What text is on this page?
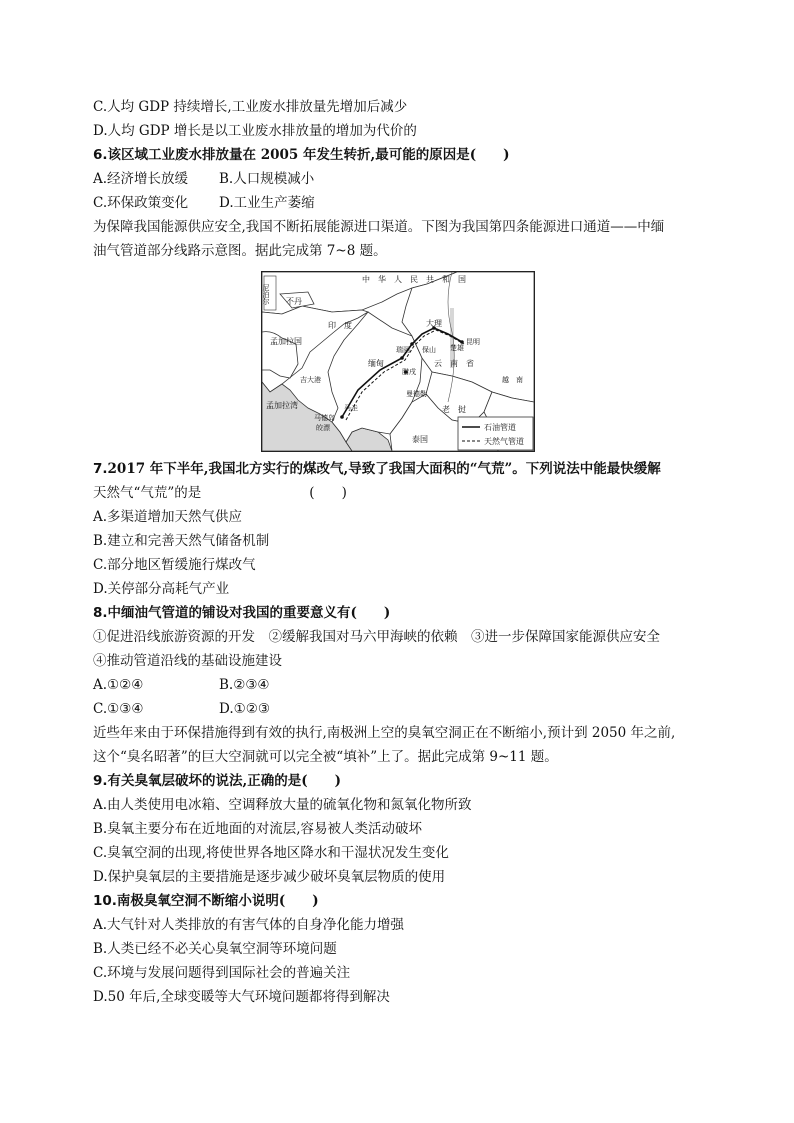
C.人均 GDP 持续增长,工业废水排放量先增加后减少
D.人均 GDP 增长是以工业废水排放量的增加为代价的
6.该区域工业废水排放量在 2005 年发生转折,最可能的原因是(　　)
A.经济增长放缓 B.人口规模减小
C.环保政策变化 D.工业生产萎缩
为保障我国能源供应安全,我国不断拓展能源进口渠道。下图为我国第四条能源进口通道——中缅
油气管道部分线路示意图。据此完成第 7~8 题。
中　华　人　民　共　和　国
尼泊尔 不丹
印　度
孟加拉国
吉大港
孟加拉湾
缅甸
大理
瑞丽 保山 楚雄
昆明
云　南　省
曼德勒
皎漂
马德岛
马圭	老　挝
越　南
泰国
腊戌
石油管道
天然气管道
7.2017 年下半年,我国北方实行的煤改气,导致了我国大面积的“气荒”。下列说法中能最快缓解
天然气“气荒”的是　　　　　　　　(　　)
A.多渠道增加天然气供应
B.建立和完善天然气储备机制
C.部分地区暂缓施行煤改气
D.关停部分高耗气产业
8.中缅油气管道的铺设对我国的重要意义有(　　)
①促进沿线旅游资源的开发　②缓解我国对马六甲海峡的依赖　③进一步保障国家能源供应安全
④推动管道沿线的基础设施建设
A.①②④	B.②③④
C.①③④	D.①②③
近些年来由于环保措施得到有效的执行,南极洲上空的臭氧空洞正在不断缩小,预计到 2050 年之前,
这个“臭名昭著”的巨大空洞就可以完全被“填补”上了。据此完成第 9~11 题。
9.有关臭氧层破坏的说法,正确的是(　　)
A.由人类使用电冰箱、空调释放大量的硫氧化物和氮氧化物所致
B.臭氧主要分布在近地面的对流层,容易被人类活动破坏
C.臭氧空洞的出现,将使世界各地区降水和干湿状况发生变化
D.保护臭氧层的主要措施是逐步减少破坏臭氧层物质的使用
10.南极臭氧空洞不断缩小说明(　　)
A.大气针对人类排放的有害气体的自身净化能力增强
B.人类已经不必关心臭氧空洞等环境问题
C.环境与发展问题得到国际社会的普遍关注
D.50 年后,全球变暖等大气环境问题都将得到解决
